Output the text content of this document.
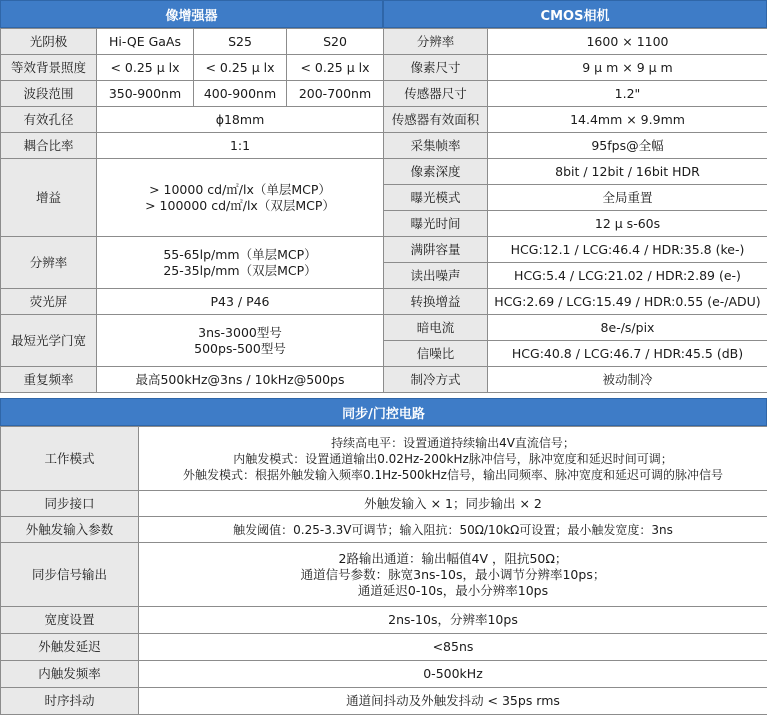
像增强器
光阴极	Hi-QE GaAs	S25	S20
等效背景照度	< 0.25 μ lx	< 0.25 μ lx	< 0.25 μ lx
波段范围	350-900nm	400-900nm	200-700nm
有效孔径	ϕ18mm		
耦合比率	1:1		
增益	> 10000 cd/㎡/lx（单层MCP）
> 100000 cd/㎡/lx（双层MCP）		
分辨率	55-65lp/mm（单层MCP）
25-35lp/mm（双层MCP）		
荧光屏	P43 / P46		
最短光学门宽	3ns-3000型号
500ps-500型号		
重复频率	最高500kHz@3ns / 10kHz@500ps		
CMOS相机
分辨率	1600 × 1100
像素尺寸	9 μ m × 9 μ m
传感器尺寸	1.2"
传感器有效面积	14.4mm × 9.9mm
采集帧率	95fps@全幅
像素深度	8bit / 12bit / 16bit HDR
曝光模式	全局重置
曝光时间	12 μ s-60s
满阱容量	HCG:12.1 / LCG:46.4 / HDR:35.8 (ke-)
读出噪声	HCG:5.4 / LCG:21.02 / HDR:2.89 (e-)
转换增益	HCG:2.69 / LCG:15.49 / HDR:0.55 (e-/ADU)
暗电流	8e-/s/pix
信噪比	HCG:40.8 / LCG:46.7 / HDR:45.5 (dB)
制冷方式	被动制冷
同步/门控电路
工作模式	持续高电平：设置通道持续输出4V直流信号；
内触发模式：设置通道输出0.02Hz-200kHz脉冲信号，脉冲宽度和延迟时间可调；
外触发模式：根据外触发输入频率0.1Hz-500kHz信号，输出同频率、脉冲宽度和延迟可调的脉冲信号
同步接口	外触发输入 × 1；同步输出 × 2
外触发输入参数	触发阈值：0.25-3.3V可调节；输入阻抗：50Ω/10kΩ可设置；最小触发宽度：3ns
同步信号输出	2路输出通道：输出幅值4V ，阻抗50Ω；
通道信号参数：脉宽3ns-10s，最小调节分辨率10ps；
通道延迟0-10s，最小分辨率10ps
宽度设置	2ns-10s，分辨率10ps
外触发延迟	<85ns
内触发频率	0-500kHz
时序抖动	通道间抖动及外触发抖动 < 35ps rms
